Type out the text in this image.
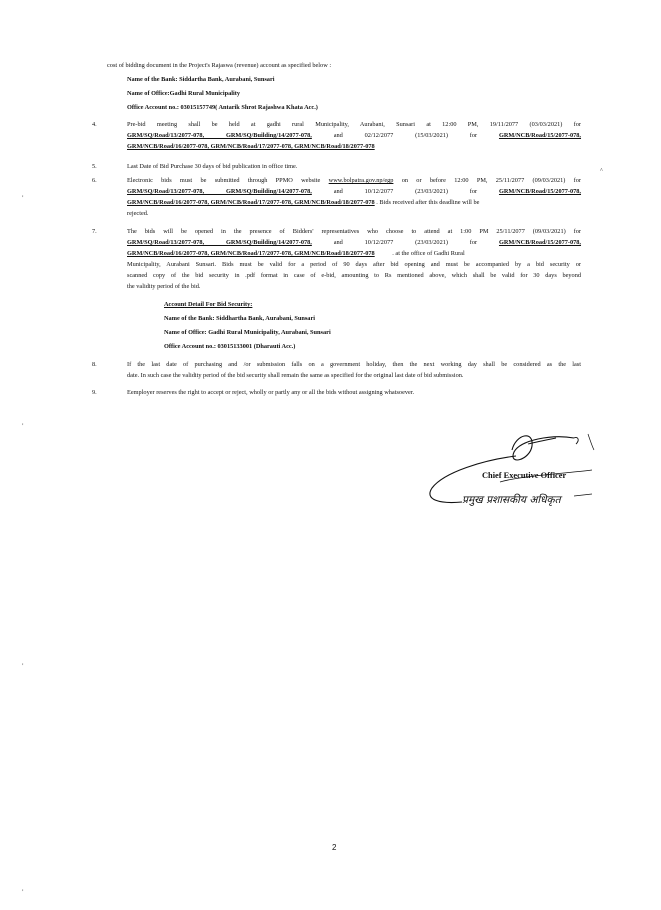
cost of bidding document in the Project's Rajaswa (revenue) account as specified below :
Name of the Bank: Siddartha Bank, Aurabani, Sunsari
Name of Office:Gadhi Rural Municipality
Office Account no.: 03015157749( Antarik Shrot Rajashwa Khata Acc.)
4.	Pre-bid meeting shall be held at gadhi rural Municipality, Aurabani, Sunsari at 12:00 PM, 19/11/2077 (03/03/2021) for
GRM/SQ/Road/13/2077-078, GRM/SQ/Building/14/2077-078,	and 02/12/2077 (15/03/2021) for	GRM/NCB/Road/15/2077-078,
GRM/NCB/Road/16/2077-078, GRM/NCB/Road/17/2077-078, GRM/NCB/Road/18/2077-078
5.	Last Date of Bid Purchase 30 days of bid publication in office time.
6.	Electronic bids must be submitted through PPMO website www.bolpatra.gov.np/egp on or before 12:00 PM, 25/11/2077 (09/03/2021) for
GRM/SQ/Road/13/2077-078, GRM/SQ/Building/14/2077-078,	and 10/12/2077 (23/03/2021) for	GRM/NCB/Road/15/2077-078,
GRM/NCB/Road/16/2077-078, GRM/NCB/Road/17/2077-078, GRM/NCB/Road/18/2077-078 . Bids received after this deadline will be
rejected.
7.	The bids will be opened in the presence of Bidders' representatives who choose to attend at 1:00 PM 25/11/2077 (09/03/2021) for
GRM/SQ/Road/13/2077-078, GRM/SQ/Building/14/2077-078,	and 10/12/2077 (23/03/2021) for	GRM/NCB/Road/15/2077-078,
GRM/NCB/Road/16/2077-078, GRM/NCB/Road/17/2077-078, GRM/NCB/Road/18/2077-078	. at the office of Gadhi Rural
Municipality, Aurabani Sunsari. Bids must be valid for a period of 90 days after bid opening and must be accompanied by a bid security or
scanned copy of the bid security in .pdf format in case of e-bid, amounting to Rs mentioned above, which shall be valid for 30 days beyond
the validity period of the bid.
Account Detail For Bid Security:
Name of the Bank: Siddhartha Bank, Aurabani, Sunsari
Name of Office: Gadhi Rural Municipality, Aurabani, Sunsari
Office Account no.: 03015133001 (Dharauti Acc.)
8.	If the last date of purchasing and /or submission falls on a government holiday, then the next working day shall be considered as the last
date. In such case the validity period of the bid security shall remain the same as specified for the original last date of bid submission.
9.	Eemployer reserves the right to accept or reject, wholly or partly any or all the bids without assigning whatsoever.
Chief Executive Officer
प्रमुख प्रशासकीय अधिकृत
^
,
,
,
,
2
